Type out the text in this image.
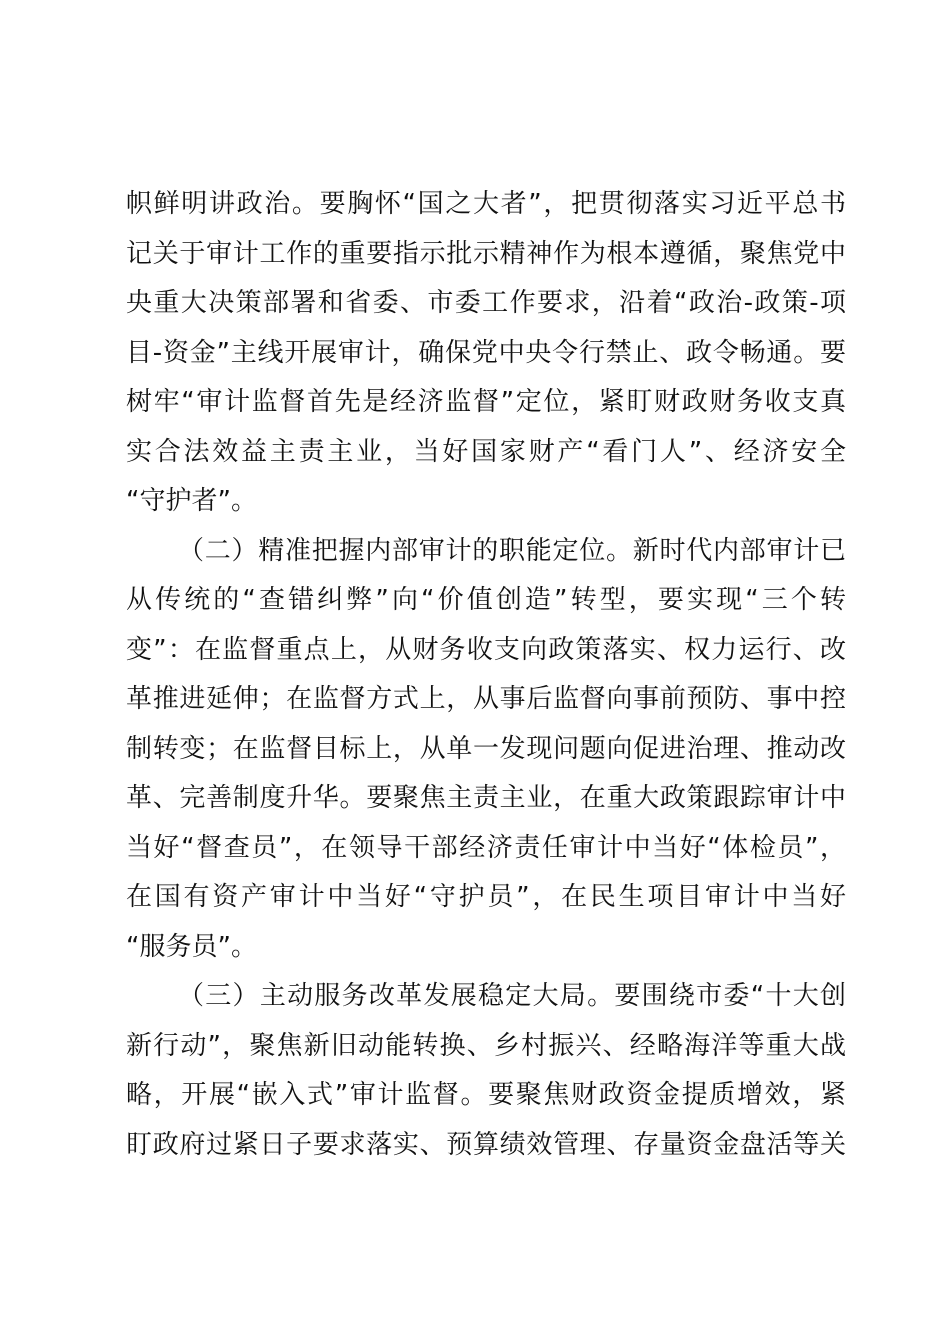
帜鲜明讲政治。要胸怀“国之大者”，把贯彻落实习近平总书
记关于审计工作的重要指示批示精神作为根本遵循，聚焦党中
央重大决策部署和省委、市委工作要求，沿着“政治-政策-项
目-资金”主线开展审计，确保党中央令行禁止、政令畅通。要
树牢“审计监督首先是经济监督”定位，紧盯财政财务收支真
实合法效益主责主业，当好国家财产“看门人”、经济安全
“守护者”。
（二）精准把握内部审计的职能定位。新时代内部审计已
从传统的“查错纠弊”向“价值创造”转型，要实现“三个转
变”：在监督重点上，从财务收支向政策落实、权力运行、改
革推进延伸；在监督方式上，从事后监督向事前预防、事中控
制转变；在监督目标上，从单一发现问题向促进治理、推动改
革、完善制度升华。要聚焦主责主业，在重大政策跟踪审计中
当好“督查员”，在领导干部经济责任审计中当好“体检员”，
在国有资产审计中当好“守护员”，在民生项目审计中当好
“服务员”。
（三）主动服务改革发展稳定大局。要围绕市委“十大创
新行动”，聚焦新旧动能转换、乡村振兴、经略海洋等重大战
略，开展“嵌入式”审计监督。要聚焦财政资金提质增效，紧
盯政府过紧日子要求落实、预算绩效管理、存量资金盘活等关
